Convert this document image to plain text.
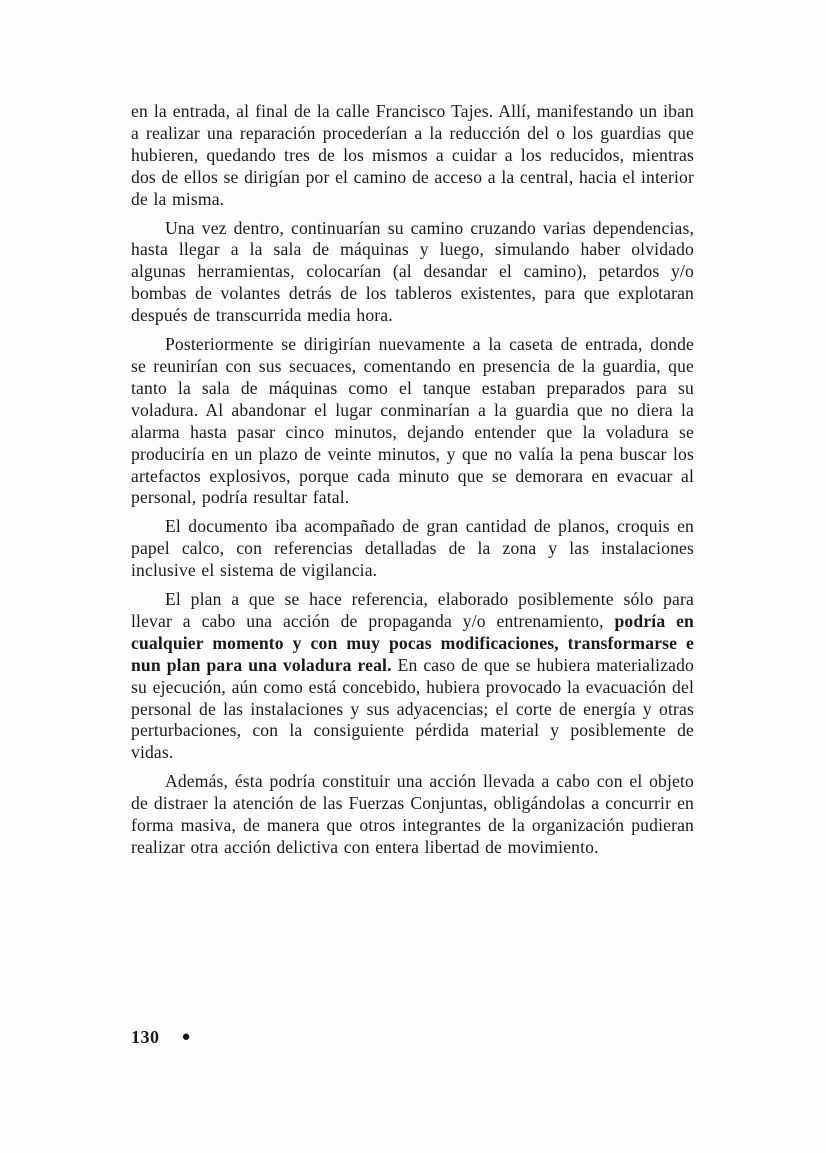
en la entrada, al final de la calle Francisco Tajes. Allí, manifestando un iban a realizar una reparación procederían a la reducción del o los guardias que hubieren, quedando tres de los mismos a cuidar a los reducidos, mientras dos de ellos se dirigían por el camino de acceso a la central, hacia el interior de la misma.

Una vez dentro, continuarían su camino cruzando varias dependencias, hasta llegar a la sala de máquinas y luego, simulando haber olvidado algunas herramientas, colocarían (al desandar el camino), petardos y/o bombas de volantes detrás de los tableros existentes, para que explotaran después de transcurrida media hora.

Posteriormente se dirigirían nuevamente a la caseta de entrada, donde se reunirían con sus secuaces, comentando en presencia de la guardia, que tanto la sala de máquinas como el tanque estaban preparados para su voladura. Al abandonar el lugar conminarían a la guardia que no diera la alarma hasta pasar cinco minutos, dejando entender que la voladura se produciría en un plazo de veinte minutos, y que no valía la pena buscar los artefactos explosivos, porque cada minuto que se demorara en evacuar al personal, podría resultar fatal.

El documento iba acompañado de gran cantidad de planos, croquis en papel calco, con referencias detalladas de la zona y las instalaciones inclusive el sistema de vigilancia.

El plan a que se hace referencia, elaborado posiblemente sólo para llevar a cabo una acción de propaganda y/o entrenamiento, podría en cualquier momento y con muy pocas modificaciones, transformarse e nun plan para una voladura real. En caso de que se hubiera materializado su ejecución, aún como está concebido, hubiera provocado la evacuación del personal de las instalaciones y sus adyacencias; el corte de energía y otras perturbaciones, con la consiguiente pérdida material y posiblemente de vidas.

Además, ésta podría constituir una acción llevada a cabo con el objeto de distraer la atención de las Fuerzas Conjuntas, obligándolas a concurrir en forma masiva, de manera que otros integrantes de la organización pudieran realizar otra acción delictiva con entera libertad de movimiento.

130 ●
